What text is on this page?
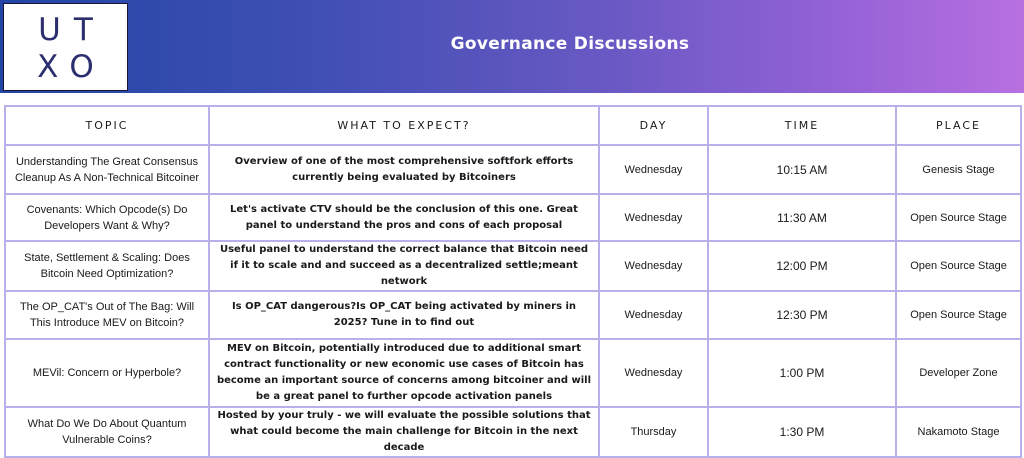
UT
XO
Governance Discussions
TOPIC	WHAT TO EXPECT?	DAY	TIME	PLACE
Understanding The Great Consensus Cleanup As A Non-Technical Bitcoiner	Overview of one of the most comprehensive softfork efforts currently being evaluated by Bitcoiners	Wednesday	10:15 AM	Genesis Stage
Covenants: Which Opcode(s) Do Developers Want & Why?	Let's activate CTV should be the conclusion of this one. Great panel to understand the pros and cons of each proposal	Wednesday	11:30 AM	Open Source Stage
State, Settlement & Scaling: Does Bitcoin Need Optimization?	Useful panel to understand the correct balance that Bitcoin need if it to scale and and succeed as a decentralized settle;meant network	Wednesday	12:00 PM	Open Source Stage
The OP_CAT's Out of The Bag: Will This Introduce MEV on Bitcoin?	Is OP_CAT dangerous?Is OP_CAT being activated by miners in 2025? Tune in to find out	Wednesday	12:30 PM	Open Source Stage
MEVil: Concern or Hyperbole?	MEV on Bitcoin, potentially introduced due to additional smart contract functionality or new economic use cases of Bitcoin has become an important source of concerns among bitcoiner and will be a great panel to further opcode activation panels	Wednesday	1:00 PM	Developer Zone
What Do We Do About Quantum Vulnerable Coins?	Hosted by your truly - we will evaluate the possible solutions that what could become the main challenge for Bitcoin in the next decade	Thursday	1:30 PM	Nakamoto Stage
